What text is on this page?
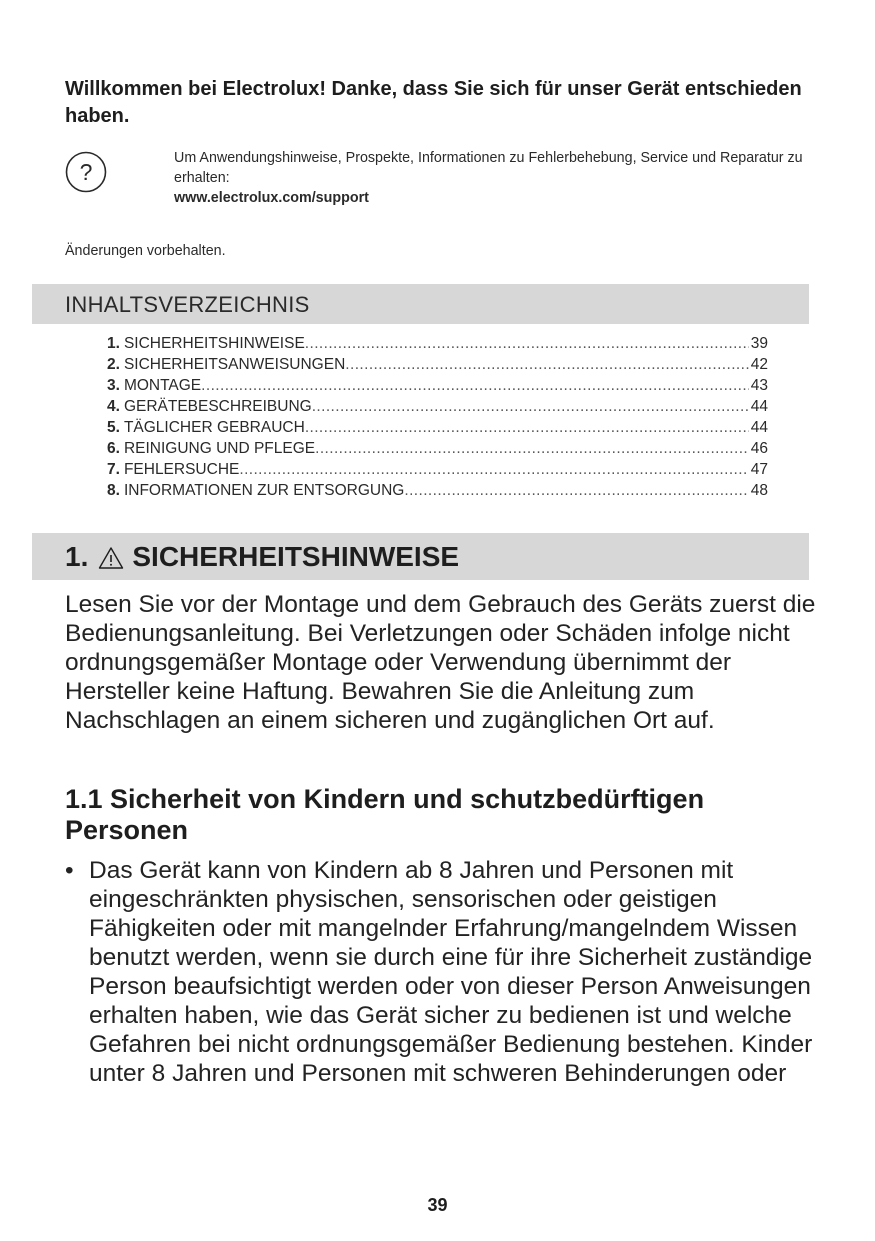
Willkommen bei Electrolux! Danke, dass Sie sich für unser Gerät entschieden haben.
?
Um Anwendungshinweise, Prospekte, Informationen zu Fehlerbehebung, Service und Reparatur zu erhalten:
www.electrolux.com/support
Änderungen vorbehalten.
INHALTSVERZEICHNIS
1. SICHERHEITSHINWEISE .....	39
2. SICHERHEITSANWEISUNGEN .....	42
3. MONTAGE .....	43
4. GERÄTEBESCHREIBUNG .....	44
5. TÄGLICHER GEBRAUCH .....	44
6. REINIGUNG UND PFLEGE .....	46
7. FEHLERSUCHE .....	47
8. INFORMATIONEN ZUR ENTSORGUNG .....	48
1. SICHERHEITSHINWEISE
Lesen Sie vor der Montage und dem Gebrauch des Geräts zuerst die Bedienungsanleitung. Bei Verletzungen oder Schäden infolge nicht ordnungsgemäßer Montage oder Verwendung übernimmt der Hersteller keine Haftung. Bewahren Sie die Anleitung zum Nachschlagen an einem sicheren und zugänglichen Ort auf.
1.1 Sicherheit von Kindern und schutzbedürftigen Personen
• Das Gerät kann von Kindern ab 8 Jahren und Personen mit eingeschränkten physischen, sensorischen oder geistigen Fähigkeiten oder mit mangelnder Erfahrung/mangelndem Wissen benutzt werden, wenn sie durch eine für ihre Sicherheit zuständige Person beaufsichtigt werden oder von dieser Person Anweisungen erhalten haben, wie das Gerät sicher zu bedienen ist und welche Gefahren bei nicht ordnungsgemäßer Bedienung bestehen. Kinder unter 8 Jahren und Personen mit schweren Behinderungen oder
39
